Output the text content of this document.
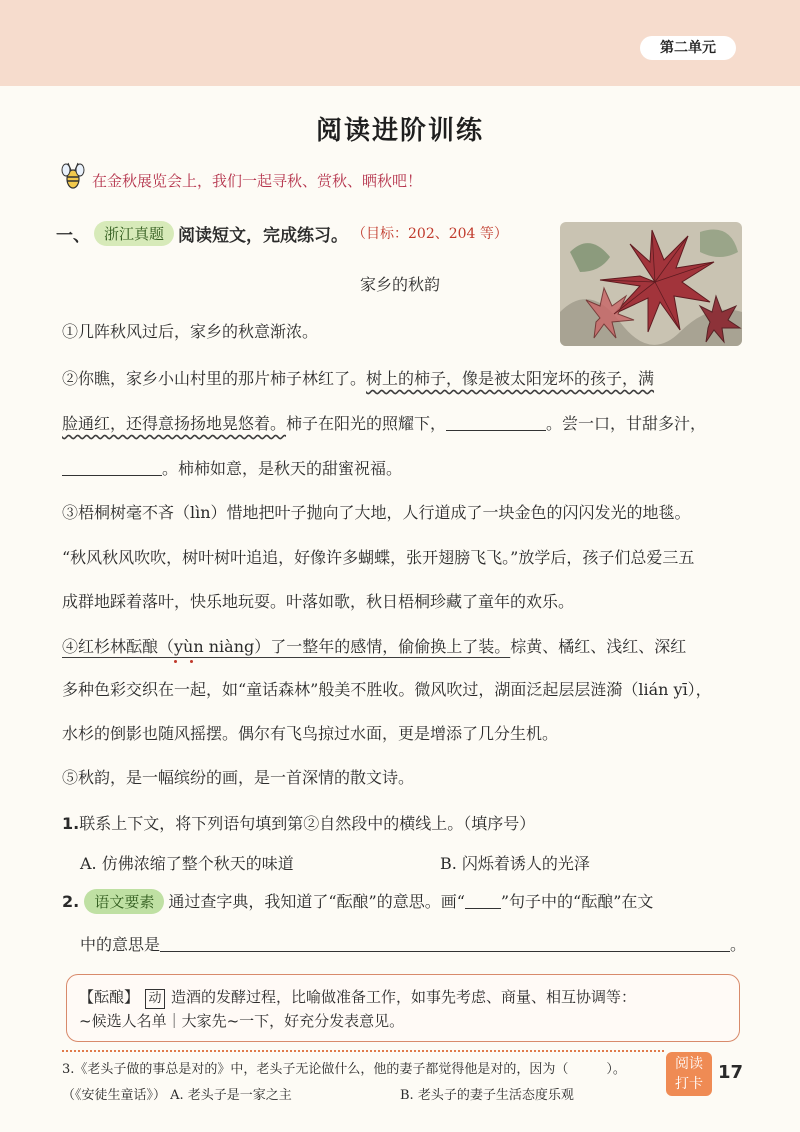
第二单元
阅读进阶训练
在金秋展览会上，我们一起寻秋、赏秋、晒秋吧！
一、 浙江真题 阅读短文，完成练习。 （目标：202、204 等）
家乡的秋韵
①几阵秋风过后，家乡的秋意渐浓。
②你瞧，家乡小山村里的那片柿子林红了。树上的柿子，像是被太阳宠坏的孩子，满
脸通红，还得意扬扬地晃悠着。柿子在阳光的照耀下，	。尝一口，甘甜多汁，
。柿柿如意，是秋天的甜蜜祝福。
③梧桐树毫不吝（lìn）惜地把叶子抛向了大地，人行道成了一块金色的闪闪发光的地毯。
“秋风秋风吹吹，树叶树叶追追，好像许多蝴蝶，张开翅膀飞飞。”放学后，孩子们总爱三五
成群地踩着落叶，快乐地玩耍。叶落如歌，秋日梧桐珍藏了童年的欢乐。
④红杉林酝酿（yùn niàng）了一整年的感情，偷偷换上了装。棕黄、橘红、浅红、深红
多种色彩交织在一起，如“童话森林”般美不胜收。微风吹过，湖面泛起层层涟漪（lián yī），
水杉的倒影也随风摇摆。偶尔有飞鸟掠过水面，更是增添了几分生机。
⑤秋韵，是一幅缤纷的画，是一首深情的散文诗。
1.联系上下文，将下列语句填到第②自然段中的横线上。（填序号）
A. 仿佛浓缩了整个秋天的味道	B. 闪烁着诱人的光泽
2. 语文要素 通过查字典，我知道了“酝酿”的意思。画“ ”句子中的“酝酿”在文
中的意思是	。
【酝酿】 动 造酒的发酵过程，比喻做准备工作，如事先考虑、商量、相互协调等：
~候选人名单｜大家先~一下，好充分发表意见。
3.《老头子做的事总是对的》中，老头子无论做什么，他的妻子都觉得他是对的，因为（	）。
（《安徒生童话》） A. 老头子是一家之主	B. 老头子的妻子生活态度乐观
阅读
打卡
17
